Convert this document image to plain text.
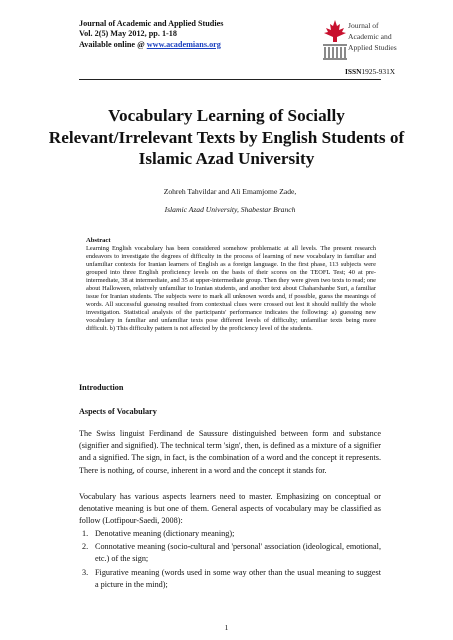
Journal of Academic and Applied Studies
Vol. 2(5) May 2012, pp. 1-18
Available online @ www.academians.org
Journal of
Academic and
Applied Studies
ISSN1925-931X
Vocabulary Learning of Socially Relevant/Irrelevant Texts by English Students of Islamic Azad University
Zohreh Tahvildar and Ali Emamjome Zade,
Islamic Azad University, Shabestar Branch
Abstract

Learning English vocabulary has been considered somehow problematic at all levels. The present research endeavors to investigate the degrees of difficulty in the process of learning of new vocabulary in familiar and unfamiliar contexts for Iranian learners of English as a foreign language. In the first phase, 113 subjects were grouped into three English proficiency levels on the basis of their scores on the TEOFL Test; 40 at pre-intermediate, 38 at intermediate, and 35 at upper-intermediate group. Then they were given two texts to read; one about Halloween, relatively unfamiliar to Iranian students, and another text about Chaharshanbe Suri, a familiar issue for Iranian students. The subjects were to mark all unknown words and, if possible, guess the meanings of words. All successful guessing resulted from contextual clues were crossed out lest it should nullify the whole investigation. Statistical analysis of the participants' performance indicates the following: a) guessing new vocabulary in familiar and unfamiliar texts pose different levels of difficulty; unfamiliar texts being more difficult. b) This difficulty pattern is not affected by the proficiency level of the students.

Introduction
Aspects of Vocabulary

The Swiss linguist Ferdinand de Saussure distinguished between form and substance (signifier and signified). The technical term 'sign', then, is defined as a mixture of a signifier and a signified. The sign, in fact, is the combination of a word and the concept it represents. There is nothing, of course, inherent in a word and the concept it stands for.

Vocabulary has various aspects learners need to master. Emphasizing on conceptual or denotative meaning is but one of them. General aspects of vocabulary may be classified as follow (Lotfipour-Saedi, 2008):

1. Denotative meaning (dictionary meaning);
2. Connotative meaning (socio-cultural and 'personal' association (ideological, emotional, etc.) of the sign;
3. Figurative meaning (words used in some way other than the usual meaning to suggest a picture in the mind);
1
